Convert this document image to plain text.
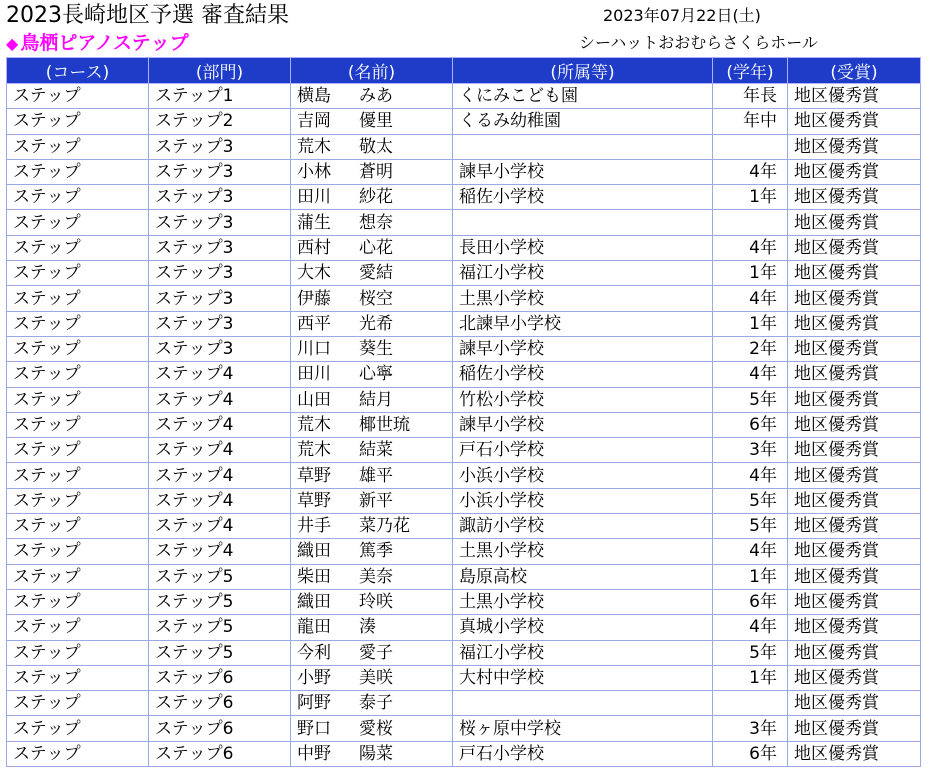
2023長崎地区予選 審査結果	2023年07月22日(土)
◆ 鳥栖ピアノステップ	シーハットおおむらさくらホール
(コース)	(部門)	(名前)	(所属等)	(学年)	(受賞)
ステップ	ステップ1	横島 みあ	くにみこども園	年長	地区優秀賞
ステップ	ステップ2	吉岡 優里	くるみ幼稚園	年中	地区優秀賞
ステップ	ステップ3	荒木 敬太			地区優秀賞
ステップ	ステップ3	小林 蒼明	諫早小学校	4年	地区優秀賞
ステップ	ステップ3	田川 紗花	稲佐小学校	1年	地区優秀賞
ステップ	ステップ3	蒲生 想奈			地区優秀賞
ステップ	ステップ3	西村 心花	長田小学校	4年	地区優秀賞
ステップ	ステップ3	大木 愛結	福江小学校	1年	地区優秀賞
ステップ	ステップ3	伊藤 桜空	土黒小学校	4年	地区優秀賞
ステップ	ステップ3	西平 光希	北諫早小学校	1年	地区優秀賞
ステップ	ステップ3	川口 葵生	諫早小学校	2年	地区優秀賞
ステップ	ステップ4	田川 心寧	稲佐小学校	4年	地区優秀賞
ステップ	ステップ4	山田 結月	竹松小学校	5年	地区優秀賞
ステップ	ステップ4	荒木 椰世琉	諫早小学校	6年	地区優秀賞
ステップ	ステップ4	荒木 結菜	戸石小学校	3年	地区優秀賞
ステップ	ステップ4	草野 雄平	小浜小学校	4年	地区優秀賞
ステップ	ステップ4	草野 新平	小浜小学校	5年	地区優秀賞
ステップ	ステップ4	井手 菜乃花	諏訪小学校	5年	地区優秀賞
ステップ	ステップ4	織田 篤季	土黒小学校	4年	地区優秀賞
ステップ	ステップ5	柴田 美奈	島原高校	1年	地区優秀賞
ステップ	ステップ5	織田 玲咲	土黒小学校	6年	地区優秀賞
ステップ	ステップ5	龍田 湊	真城小学校	4年	地区優秀賞
ステップ	ステップ5	今利 愛子	福江小学校	5年	地区優秀賞
ステップ	ステップ6	小野 美咲	大村中学校	1年	地区優秀賞
ステップ	ステップ6	阿野 泰子			地区優秀賞
ステップ	ステップ6	野口 愛桜	桜ヶ原中学校	3年	地区優秀賞
ステップ	ステップ6	中野 陽菜	戸石小学校	6年	地区優秀賞
